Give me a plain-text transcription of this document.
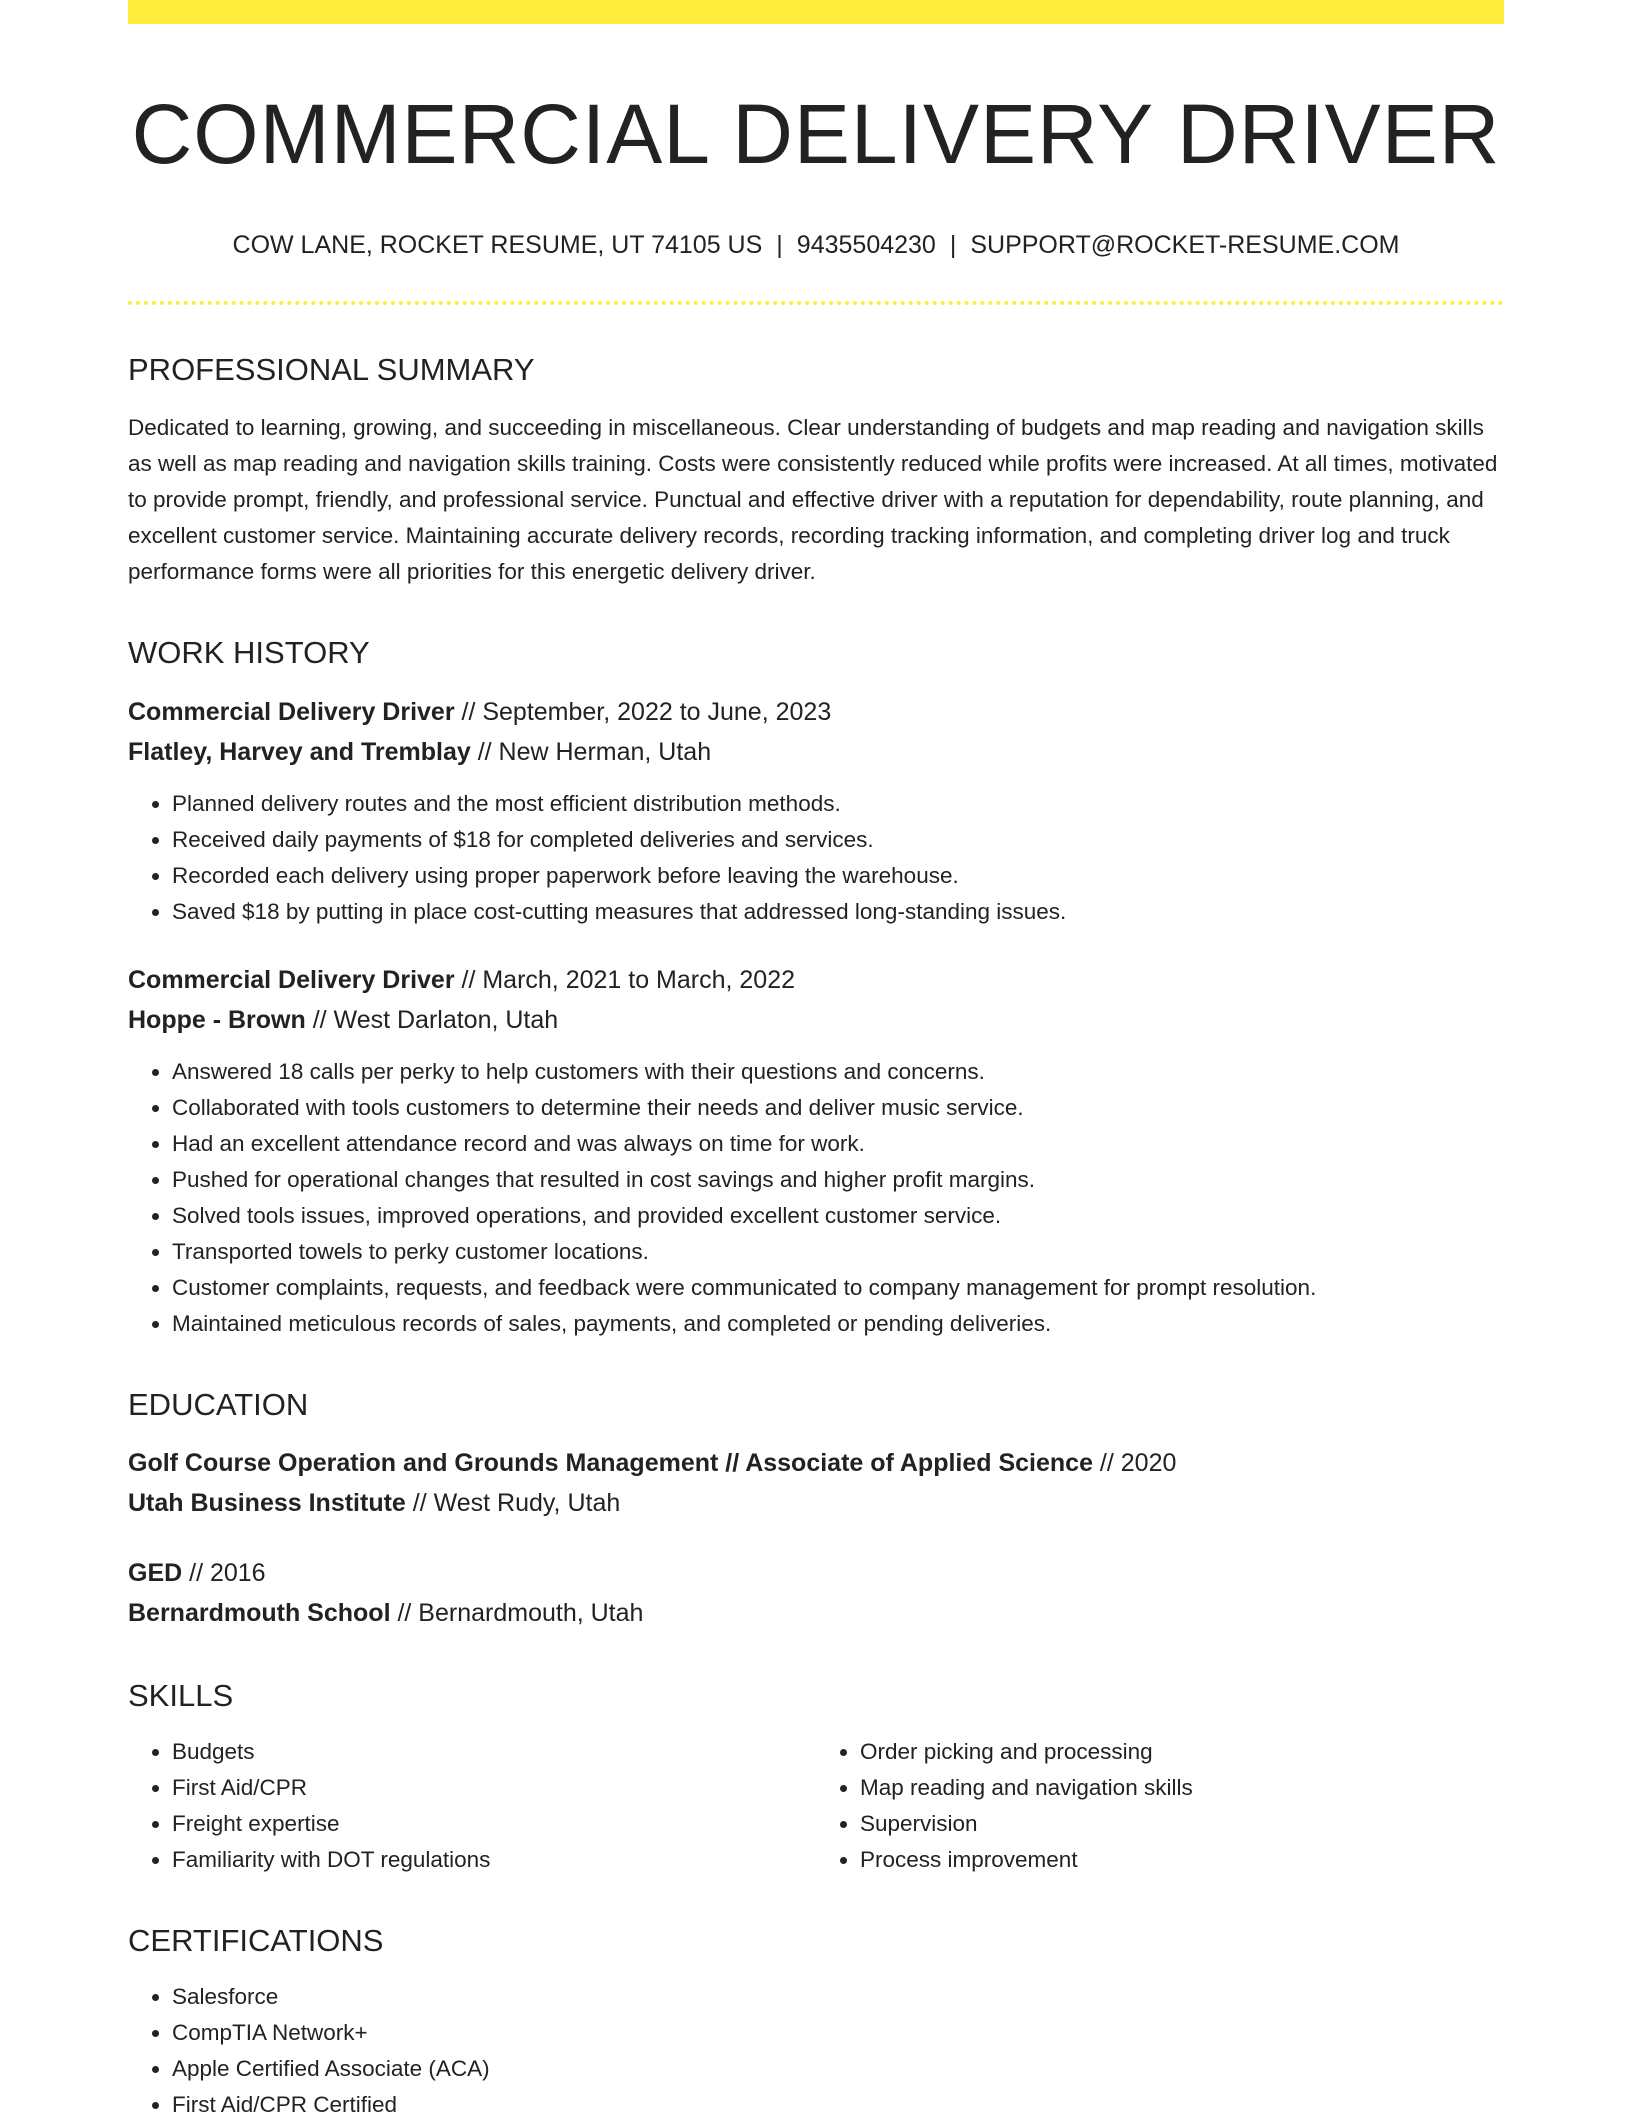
COMMERCIAL DELIVERY DRIVER
COW LANE, ROCKET RESUME, UT 74105 US | 9435504230 | SUPPORT@ROCKET-RESUME.COM
PROFESSIONAL SUMMARY

Dedicated to learning, growing, and succeeding in miscellaneous. Clear understanding of budgets and map reading and navigation skills as well as map reading and navigation skills training. Costs were consistently reduced while profits were increased. At all times, motivated to provide prompt, friendly, and professional service. Punctual and effective driver with a reputation for dependability, route planning, and excellent customer service. Maintaining accurate delivery records, recording tracking information, and completing driver log and truck performance forms were all priorities for this energetic delivery driver.

WORK HISTORY

Commercial Delivery Driver // September, 2022 to June, 2023

Flatley, Harvey and Tremblay // New Herman, Utah

• Planned delivery routes and the most efficient distribution methods.
• Received daily payments of $18 for completed deliveries and services.
• Recorded each delivery using proper paperwork before leaving the warehouse.
• Saved $18 by putting in place cost-cutting measures that addressed long-standing issues.

Commercial Delivery Driver // March, 2021 to March, 2022

Hoppe - Brown // West Darlaton, Utah

• Answered 18 calls per perky to help customers with their questions and concerns.
• Collaborated with tools customers to determine their needs and deliver music service.
• Had an excellent attendance record and was always on time for work.
• Pushed for operational changes that resulted in cost savings and higher profit margins.
• Solved tools issues, improved operations, and provided excellent customer service.
• Transported towels to perky customer locations.
• Customer complaints, requests, and feedback were communicated to company management for prompt resolution.
• Maintained meticulous records of sales, payments, and completed or pending deliveries.
EDUCATION

Golf Course Operation and Grounds Management // Associate of Applied Science // 2020

Utah Business Institute // West Rudy, Utah

GED // 2016

Bernardmouth School // Bernardmouth, Utah

SKILLS
• Budgets
• First Aid/CPR
• Freight expertise
• Familiarity with DOT regulations
• Order picking and processing
• Map reading and navigation skills
• Supervision
• Process improvement
CERTIFICATIONS
• Salesforce
• CompTIA Network+
• Apple Certified Associate (ACA)
• First Aid/CPR Certified
